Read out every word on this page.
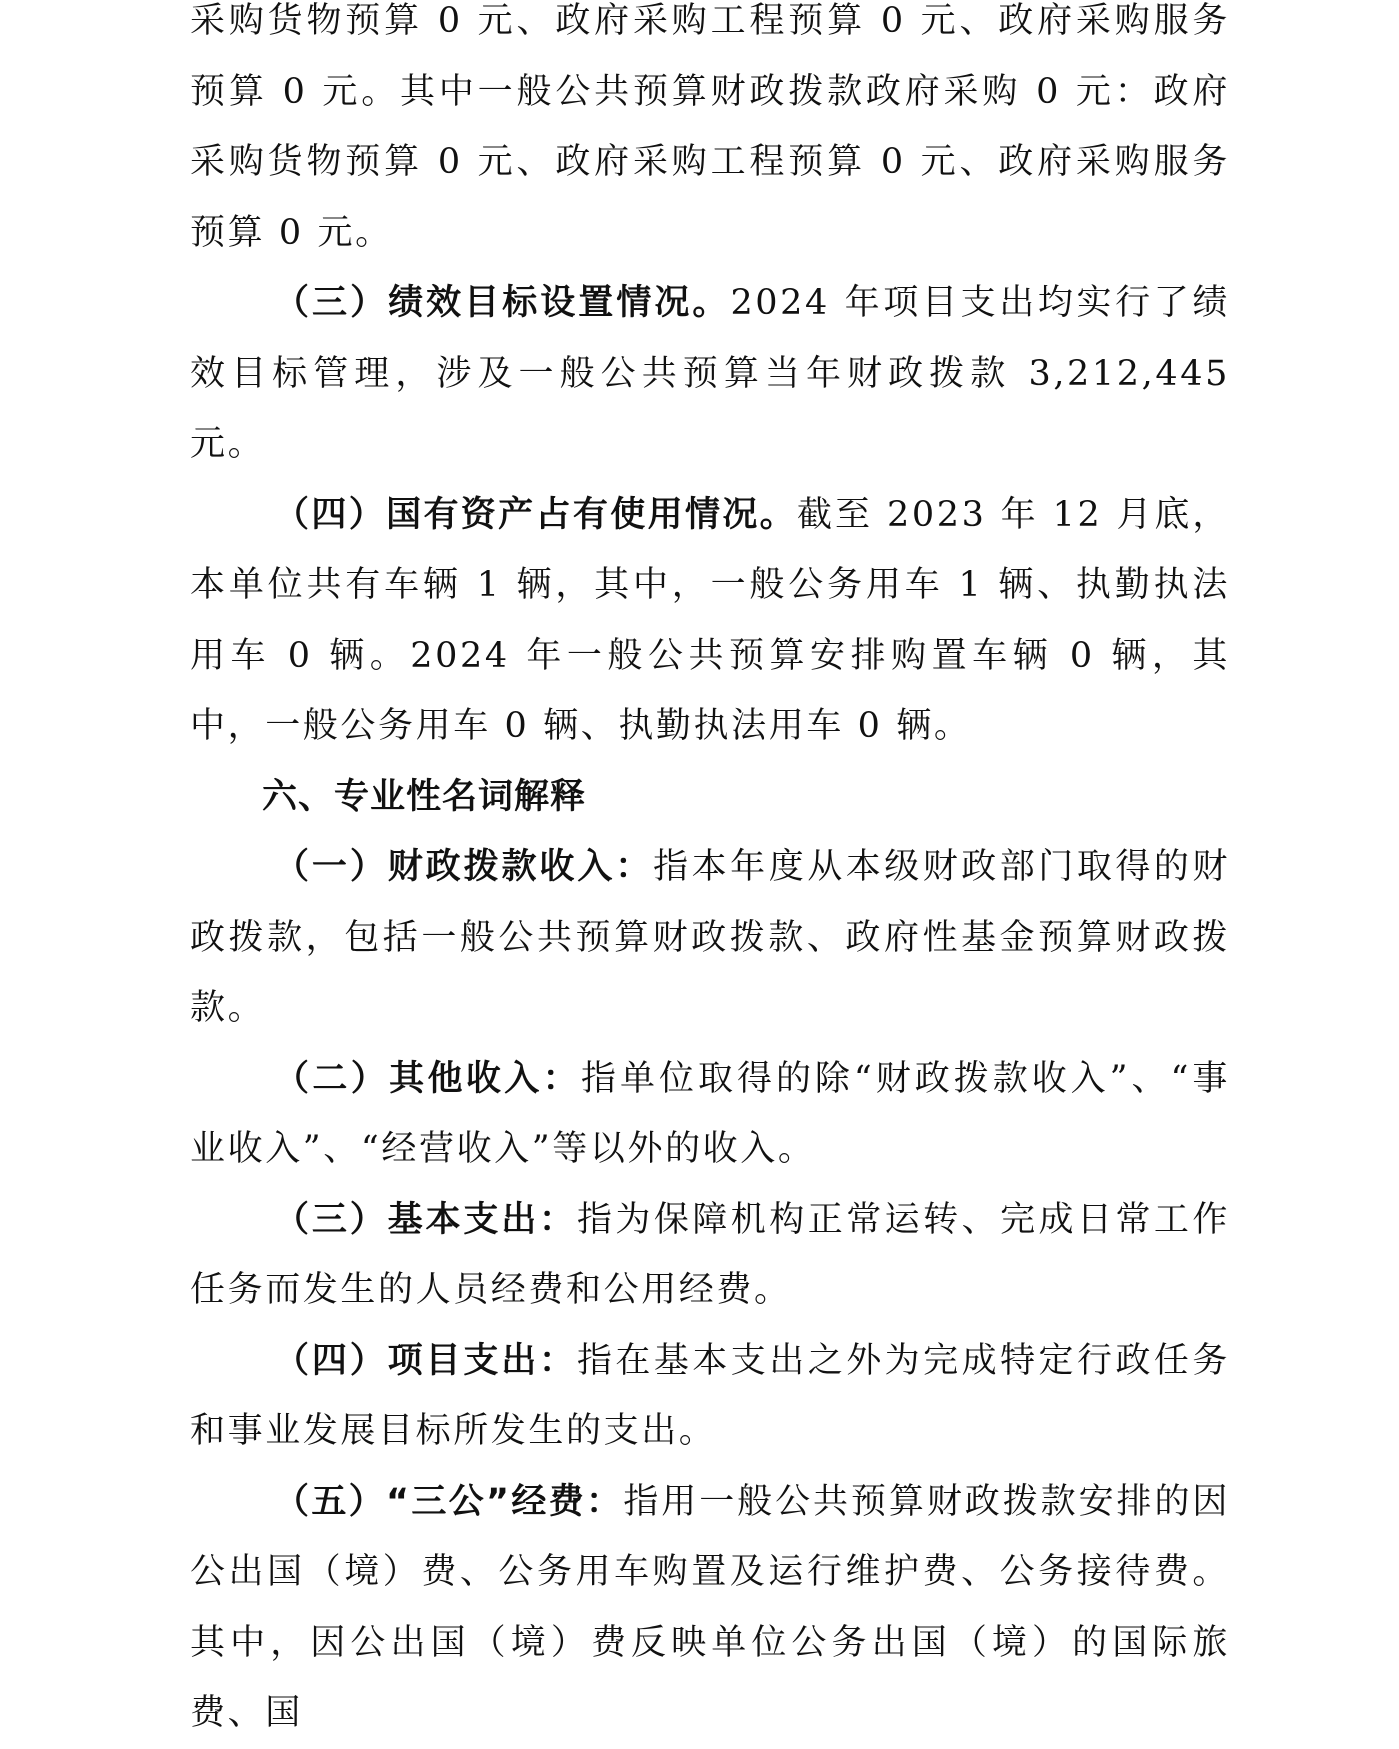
采购货物预算 0 元、政府采购工程预算 0 元、政府采购服务预算 0 元。其中一般公共预算财政拨款政府采购 0 元：政府采购货物预算 0 元、政府采购工程预算 0 元、政府采购服务预算 0 元。

（三）绩效目标设置情况。2024 年项目支出均实行了绩效目标管理，涉及一般公共预算当年财政拨款 3,212,445 元。

（四）国有资产占有使用情况。截至 2023 年 12 月底，本单位共有车辆 1 辆，其中，一般公务用车 1 辆、执勤执法用车 0 辆。2024 年一般公共预算安排购置车辆 0 辆，其中，一般公务用车 0 辆、执勤执法用车 0 辆。

六、专业性名词解释

（一）财政拨款收入：指本年度从本级财政部门取得的财政拨款，包括一般公共预算财政拨款、政府性基金预算财政拨款。

（二）其他收入：指单位取得的除“财政拨款收入”、“事业收入”、“经营收入”等以外的收入。

（三）基本支出：指为保障机构正常运转、完成日常工作任务而发生的人员经费和公用经费。

（四）项目支出：指在基本支出之外为完成特定行政任务和事业发展目标所发生的支出。

（五）“三公”经费：指用一般公共预算财政拨款安排的因公出国（境）费、公务用车购置及运行维护费、公务接待费。其中，因公出国（境）费反映单位公务出国（境）的国际旅费、国
